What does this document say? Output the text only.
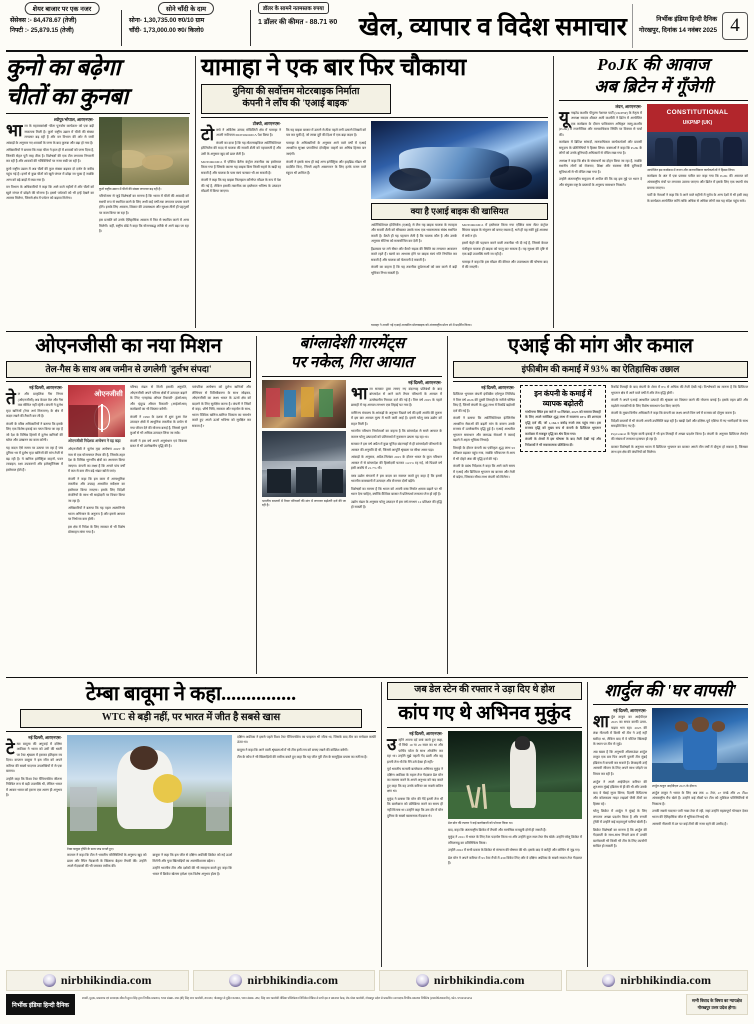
शेयर बाजार पर एक नजर
सेंसेक्स :- 84,478.67 (तेजी)
निफ्टी :- 25,879.15 (तेजी)
सोने चाँदी के दाम
सोना- 1,30,735.00 रु0/10 ग्राम
चाँदी- 1,73,000.00 रु0/ किलो0
डॉलर के सामने नतमस्तक रुपया
1 डॉलर की कीमत - 88.71 रु0 खेल, व्यापार व विदेश समाचार	निर्भीक इंडिया हिन्दी दैनिक
गोरखपुर, दिनांक 14 नवंबर 2025 4
कुनो का बढ़ेगा
चीतों का कुनबा
श्योपुर/भोपाल, आरएनएस-

भारत के महत्वाकांक्षी 'चीता पुनर्वास कार्यक्रम' को एक बड़ी सफलता मिली है। कुनो राष्ट्रीय उद्यान में चीतों की संख्या लगातार बढ़ रही है और वन विभाग की ओर से जारी आंकड़ों के अनुसार नए शावकों के जन्म के बाद कुनबा और बड़ा हो गया है।

अधिकारियों ने बताया कि मादा चीता ने हाल ही में शावकों को जन्म दिया है, जिनकी सेहत पूरी तरह ठीक है। विशेषज्ञों की एक टीम लगातार निगरानी कर रही है और शावकों की गतिविधियों पर नजर रखी जा रही है।

कुनो राष्ट्रीय उद्यान में अब चीतों की कुल संख्या बढ़कर दो दर्जन के करीब पहुंच गई है। इनमें से कुछ चीतों को खुले जंगल में छोड़ा जा चुका है जबकि अन्य को बड़े बाड़ों में रखा गया है।

वन विभाग के अधिकारियों ने कहा कि आने वाले महीनों में और चीतों को खुले जंगल में छोड़ने की योजना है। इससे पर्यटकों को भी इन्हें देखने का अवसर मिलेगा, जिससे क्षेत्र में पर्यटन को बढ़ावा मिलेगा।

कुनो राष्ट्रीय उद्यान में चीतों की संख्या लगातार बढ़ रही है।

परियोजना से जुड़े विशेषज्ञों का मानना है कि भारत में चीतों की आबादी को स्थायी रूप से स्थापित करने के लिए अभी कई वर्षों तक लगातार प्रयास करने होंगे। इसके लिए आवास, शिकार की उपलब्धता और सुरक्षा तीनों ही पहलुओं पर काम किया जा रहा है।

इस प्रजाति को उनके ऐतिहासिक आवास में फिर से स्थापित करने में अगर मिलेगी। वहीं, राष्ट्रीय बोर्ड ने कहा कि योजनाबद्ध तरीके से आगे बढ़ा जा रहा है।

यामाहा ने एक बार फिर चौकाया
दुनिया की सर्वोत्तम मोटरबाइक निर्माता
कंपनी ने लाँच की 'एआई बाइक'
टोक्यो, आरएनएस-

टोक्यो ने अर्विशेष उत्पाद मोबिलिटी क्षेत्र में यामाहा ने अपनी नवीनतम MOTOROiD:Λ पेश किया है।

कंपनी का दावा है कि यह मोटरसाइकिल आर्टिफिशियल इंटेलिजेंस की मदद से चालक की सवारी शैली को पहचानती है और उसी के अनुसार खुद को ढाल लेती है।

MOTOROiD:Λ में एक्टिव बैलेंस कंट्रोल तकनीक का इस्तेमाल किया गया है जिसके कारण यह बाइक बिना किसी सहारे के खड़ी रह सकती है और चालक के पास स्वयं चलकर भी आ सकती है।

कंपनी ने कहा कि यह बाइक फिलहाल कॉन्सेप्ट मॉडल के रूप में पेश की गई है, लेकिन इसकी तकनीक का इस्तेमाल भविष्य के उत्पादन मॉडलों में किया जाएगा।

कि यह बाइक बाजार में उतरने से ठीक पहले लगी उतारने शिखरों को पार कर चुकी है, जो लम्बा दूरी की दिशा में एक बड़ा कदम है।

यामाहा के अधिकारियों के अनुसार आने वाले वर्षों में एआई आधारित सुरक्षा प्रणालियां दोपहिया वाहनों का अभिन्न हिस्सा बन जाएंगी।

कंपनी ने इसके साथ ही कई अन्य इलेक्ट्रिक और हाइब्रिड मॉडल भी प्रदर्शित किए, जिनमें शहरी आवागमन के लिए हल्के वजन वाले स्कूटर भी शामिल हैं।

क्या है एआई बाइक की खासियत

आर्टिफिशियल इंटेलिजेंस (एआई) से लैस यह बाइक चालक के व्यवहार और सवारी शैली को सीखकर उसके साथ एक भावनात्मक संबंध स्थापित करती है। बैठते ही यह पहचान लेती है कि चालक कौन है और उसके अनुसार सेटिंग्स को समायोजित कर देती है।

हैंडलबार पर लगे सेंसर और कैमरे सड़क की स्थिति का लगातार आकलन करते रहते हैं। खतरे का आभास होने पर बाइक स्वयं गति नियंत्रित कर सकती है और चालक को चेतावनी दे सकती है।

कंपनी का कहना है कि यह तकनीक दुर्घटनाओं को कम करने में बड़ी भूमिका निभा सकती है।

MOTOROiD:Λ में इस्तेमाल किया गया एक्टिव मास सेंटर कंट्रोल सिस्टम बाइक के संतुलन को बनाए रखता है, भले ही वह रुकी हुई अवस्था में क्यों न हो।

इसमें चेहरे की पहचान करने वाली तकनीक भी दी गई है, जिससे केवल पंजीकृत चालक ही बाइक को चालू कर सकता है। यह सुरक्षा की दृष्टि से एक बड़ी उपलब्धि मानी जा रही है।

यामाहा ने कहा कि इस मॉडल की कीमत और उपलब्धता की घोषणा बाद में की जाएगी।

यामाहा ने अपनी नई एआई आधारित मोटरबाइक को अंतरराष्ट्रीय मोटर शो में प्रदर्शित किया।
PoJK की आवाज
अब ब्रिटेन में गूँजेगी
लंदन, आरएनएस-

यूनाइटेड कश्मीर पीपुल्स नेशनल पार्टी (UKPNP) के नेतृत्व में अध्यक्ष सरदार शौकत अली कश्मीरी ने ब्रिटेन में आयोजित एक कार्यक्रम के दौरान पाकिस्तान अधिकृत जम्मू-कश्मीर (PoJK) में राजनीतिक और मानवाधिकार स्थिति पर विस्तार से चर्चा की।

कार्यक्रम में ब्रिटिश सांसदों, मानवाधिकार कार्यकर्ताओं और प्रवासी समुदाय के प्रतिनिधियों ने हिस्सा लिया। वक्ताओं ने कहा कि PoJK के लोगों को उनके बुनियादी अधिकारों से वंचित रखा गया है।

अध्यक्ष ने कहा कि क्षेत्र के संसाधनों का दोहन किया जा रहा है, जबकि स्थानीय लोगों को रोजगार, शिक्षा और स्वास्थ्य जैसी बुनियादी सुविधाओं से भी वंचित रखा गया है।

उन्होंने अंतरराष्ट्रीय समुदाय से अपील की कि वह इस मुद्दे पर ध्यान दे और संयुक्त राष्ट्र के प्रस्तावों के अनुरूप समाधान निकाले।

CONSTITUTIONAL
UKPNP (UK)
आयोजित इस कार्यक्रम में राजन और मानवाधिकार कार्यकर्ताओं ने हिस्सा लिया।

कार्यक्रम के अंत में एक प्रस्ताव पारित कर कहा गया कि PoJK की आवाज को अंतरराष्ट्रीय मंचों पर लगातार उठाया जाएगा और ब्रिटेन में इसके लिए एक स्थायी मंच बनाया जाएगा।

पार्टी के नेताओं ने कहा कि वे आने वाले महीनों में यूरोप के अन्य देशों में भी इसी तरह के कार्यक्रम आयोजित करेंगे ताकि अधिक से अधिक लोगों तक यह संदेश पहुंच सके।

ओएनजीसी का नया मिशन
तेल-गैस के साथ अब जमीन से उगलेगी 'दुर्लभ संपदा'
नई दिल्ली, आरएनएस-

तेल और प्राकृतिक गैस निगम (ओएनजीसी) अब केवल तेल और गैस तक सीमित नहीं रहेगी। कंपनी ने दुर्लभ मृदा खनिजों (रेयर अर्थ मिनरल्स) के क्षेत्र में कदम रखने की तैयारी कर ली है।

कंपनी के वरिष्ठ अधिकारियों ने बताया कि इसके लिए एक विशेष इकाई का गठन किया जा रहा है जो देश के विभिन्न हिस्सों में दुर्लभ खनिजों की खोज और उत्खनन का काम करेगी।

यह कदम ऐसे समय पर उठाया जा रहा है जब दुनिया भर में दुर्लभ मृदा खनिजों की मांग तेजी से बढ़ रही है। ये खनिज इलेक्ट्रिक वाहनों, पवन टरबाइन, रक्षा उपकरणों और इलेक्ट्रॉनिक्स में इस्तेमाल होते हैं।

ओएनजीसी

ओएनजीसी निदेशक अन्वेषण ने यह कहा

ओएनजीसी ने 'दुर्लभ मृदा अन्वेषण 2025' के नाम से एक योजनागत तैयार की है, जिसके तहत देश के विभिन्न भूगर्भीय क्षेत्रों का अध्ययन किया जाएगा। कंपनी का लक्ष्य है कि अगले पांच वर्षों में कम से कम तीन बड़े भंडार खोजे जाएं।

कंपनी ने कहा कि इस काम में अत्याधुनिक तकनीक और उपग्रह आधारित सर्वेक्षण का इस्तेमाल किया जाएगा। इसके लिए विदेशी कंपनियों के साथ भी साझेदारी पर विचार किया जा रहा है।

अधिकारियों ने बताया कि यह पहल आत्मनिर्भर भारत अभियान के अनुरूप है और इससे आयात पर निर्भरता कम होगी।

इस क्षेत्र में निवेश के लिए सरकार से भी विशेष प्रोत्साहन मांगा गया है।

परिषद मंडल से मिली इसकी अनुमति, ओएनजीसी अपने परिसर क्षेत्रों में उत्पादन बढ़ाने के लिए 'एनहांस्ड ऑयल रिकवरी' (ईओआर) और 'इंप्रूव्ड ऑयल रिकवरी' (आईओआर) कार्यक्रमों का भी विस्तार करेगी।

कंपनी ने 1990 के दशक में शुरू हुआ तेल उत्पादन क्षेत्रों में आधुनिक तकनीक के प्रयोग से नया जीवन देने की योजना बनाई है, जिससे पुराने कुओं से भी अधिक उत्पादन लिया जा सके।

कंपनी ने इस वर्ष अपने अनुसंधान एवं विकास बजट में भी उल्लेखनीय वृद्धि की है।

पारंपरिक अन्वेषण को दुर्लभ खनिजों और लीथियम से विविधीकरण के साथ जोड़कर, ओएनजीसी का लक्ष्य भारत के ऊर्जा क्षेत्र को बदलने के लिए सुरक्षित करना है। कंपनी ने जिंकों से कहा, 'शीर्ष निधि, सरकार और सहयोग के साथ, भारत वैश्विक खनिज-खनिज विकास का समर्थन करते हुए अपने ऊर्जा भविष्य को सुरक्षित कर सकता है।'

बांग्लादेशी गारमेंट्स
पर नकेल, गिरा आयात
भारतीय बाजारों में तैयार परिधानों की मांग में लगातार बढ़ोतरी दर्ज की जा रही है।
नई दिल्ली, आरएनएस-

भारत सरकार द्वारा लगाए गए बंदरगाह प्रतिबंधों के बाद बांग्लादेश से आने वाले तैयार परिधानों के आयात में उल्लेखनीय गिरावट दर्ज की गई है। वित्त वर्ष 2025 के पहले छमाही में यह आयात लगभग एक तिहाई घट गया है।

वाणिज्य मंत्रालय के आंकड़ों के अनुसार पिछले वर्ष की इसी अवधि की तुलना में इस बार आयात मूल्य में भारी कमी आई है। इससे घरेलू वस्त्र उद्योग को राहत मिली है।

भारतीय परिधान निर्माताओं का कहना है कि बांग्लादेश से सस्ते आयात के कारण घरेलू उत्पादकों को प्रतिस्पर्धा में नुकसान उठाना पड़ रहा था।

सरकार ने इस वर्ष अप्रैल में कुछ चुनिंदा बंदरगाहों से ही बांग्लादेशी परिधानों के आयात की अनुमति दी थी, जिससे आपूर्ति श्रृंखला पर सीधा असर पड़ा।

आंकड़ों के अनुसार, अप्रैल-सितंबर 2025 के दौरान भारत के कुल परिधान आयात में से बांग्लादेश की हिस्सेदारी घटकर 14.5% रह गई, जो पिछले वर्ष इसी अवधि में 21.7% थी।

वस्त्र उद्योग संगठनों ने इस कदम का स्वागत करते हुए कहा है कि इससे भारतीय कारखानों में उत्पादन और रोजगार दोनों बढ़ेंगे।

विशेषज्ञों का मानना है कि भारत को अपनी वस्त्र निर्यात क्षमता बढ़ाने पर भी ध्यान देना चाहिए, क्योंकि वैश्विक बाजार में प्रतिस्पर्धा लगातार तेज हो रही है।

उद्योग मंडल के अनुसार घरेलू उत्पादन में इस वर्ष लगभग 12 प्रतिशत की वृद्धि हो सकती है।

एआई की मांग और कमाल
इंफीबीम की कमाई में 93% का ऐतिहासिक उछाल
नई दिल्ली, आरएनएस-

डिजिटल भुगतान कंपनी इंफीबीम एवेन्यूज लिमिटेड ने वित्त वर्ष 2026 की दूसरी तिमाही के नतीजे घोषित किए हैं, जिनमें कंपनी के शुद्ध लाभ में रिकॉर्ड बढ़ोतरी दर्ज की गई है।

कंपनी ने बताया कि आर्टिफिशियल इंटेलिजेंस आधारित सेवाओं की बढ़ती मांग के कारण उसके राजस्व में उल्लेखनीय वृद्धि हुई है। एआई आधारित भुगतान समाधान और क्लाउड सेवाओं ने कमाई बढ़ाने में अहम भूमिका निभाई।

तिमाही के दौरान कंपनी का एकीकृत शुद्ध लाभ 93 प्रतिशत बढ़कर पहुंच गया, जबकि परिचालन से आय में भी दोहरे अंक की वृद्धि दर्ज की गई।

कंपनी के प्रबंध निदेशक ने कहा कि आने वाले समय में एआई और डिजिटल भुगतान का बाजार और तेजी से बढ़ेगा, जिसका सीधा लाभ कंपनी को मिलेगा।

इन कंपनी के कमाई में
व्यापक बढ़ोतरी

गांधीनगर स्थित इस फर्म ने 30 सितंबर, 2025 को समाप्त तिमाही के लिए अपने समेकित शुद्ध लाभ में सालाना 93% की शानदार वृद्धि दर्ज की, जो 1,164.3 करोड़ रुपये तक पहुंच गया। इस राजस्व वृद्धि को मुख्य रूप से कंपनी के डिजिटल भुगतान कारोबार में मजबूत वृद्धि का श्रेय दिया गया।

कंपनी के शेयरों में इस घोषणा के बाद तेजी देखी गई और निवेशकों ने भी सकारात्मक प्रतिक्रिया दी।

रिकॉर्ड तिमाही के बाद कंपनी के शेयर में 8% से अधिक की तेजी देखी गई। विश्लेषकों का मानना है कि डिजिटल भुगतान क्षेत्र में आने वाले वर्षों में और तेज वृद्धि होगी।

कंपनी ने अपने एआई आधारित उत्पादों की श्रृंखला का विस्तार करने की योजना बनाई है। इसके तहत छोटे और मझोले व्यापारियों के लिए विशेष समाधान पेश किए जाएंगे।

कंपनी के मुख्य वित्तीय अधिकारी ने कहा कि कंपनी का लक्ष्य अगले वित्त वर्ष में राजस्व को दोगुना करना है।

विदेशी बाजारों में भी कंपनी अपनी उपस्थिति बढ़ा रही है। खाड़ी देशों और दक्षिण-पूर्व एशिया में नए भागीदारों के साथ समझौते किए गए हैं।

PayCentral के नेतृत्व वाली इकाई ने भी इस तिमाही में अच्छा प्रदर्शन किया है। कंपनी के अनुसार डिजिटल लेनदेन की संख्या में लगातार इजाफा हो रहा है।

बाजार विशेषज्ञों के अनुसार भारत में डिजिटल भुगतान का बाजार अगले तीन वर्षों में दोगुना हो सकता है, जिसका लाभ इस क्षेत्र की कंपनियों को मिलेगा।

टेम्बा बावूमा ने कहा...............
WTC से बड़ी नहीं, पर भारत में जीत है सबसे खास
नई दिल्ली, आरएनएस-

टेम्बा बावूमा की अगुवाई में दक्षिण अफ्रीका ने भारत को उसी की धरती पर टेस्ट श्रृंखला में हराकर इतिहास रच दिया। कप्तान बावूमा ने इस जीत को अपने करियर की सबसे यादगार उपलब्धियों में से एक बताया।

उन्होंने कहा कि विश्व टेस्ट चैंपियनशिप जीतना निश्चित रूप से बड़ी उपलब्धि थी, लेकिन भारत में आकर भारत को हराना एक अलग ही अनुभव है।

टेम्बा बावूमा ट्रॉफी के साथ जश्न मनाते हुए।

कप्तान ने कहा कि टीम ने भारतीय परिस्थितियों के अनुरूप खुद को ढाला और स्पिन गेंदबाजी के खिलाफ बेहतर तैयारी की। उन्होंने अपने गेंदबाजों की भी जमकर तारीफ की।

बावूमा ने कहा कि इस जीत से दक्षिण अफ्रीकी क्रिकेट को नई ऊर्जा मिलेगी और युवा खिलाड़ियों का आत्मविश्वास बढ़ेगा।

उन्होंने भारतीय टीम और दर्शकों की भी सराहना करते हुए कहा कि भारत में क्रिकेट खेलना हमेशा एक विशेष अनुभव होता है।

दक्षिण अफ्रीका ने इससे पहले विश्व टेस्ट चैंपियनशिप का फाइनल भी जीता था, जिसके बाद टीम का मनोबल काफी ऊंचा था।

बावूमा ने कहा कि आने वाली श्रृंखलाओं में भी टीम इसी लय को बनाए रखने की कोशिश करेगी।

टीम के कोच ने भी खिलाड़ियों की तारीफ करते हुए कहा कि यह जीत पूरी टीम के सामूहिक प्रयास का नतीजा है।

जब डेल स्टेन की रफ्तार ने उड़ा दिए थे होश
कांप गए थे अभिनव मुकुंद
नई दिल्ली, आरएनएस-

उन्होंने अपना दर्द बयां करते हुए कहा, 'मैं सिर्फ 19 या 20 साल का था और पार्थिव पटेल के साथ ओपनिंग कर रहा था। उन्होंने मुझे पहली गेंद डाली और वह इतनी तेज थी कि मैंने उसे देखा ही नहीं।'

पूर्व भारतीय सलामी बल्लेबाज अभिनव मुकुंद ने दक्षिण अफ्रीका के महान तेज गेंदबाज डेल स्टेन का सामना करने के अपने अनुभव को याद करते हुए कहा कि वह उनके करियर का सबसे कठिन क्षण था।

मुकुंद ने बताया कि स्टेन की गेंदें इतनी तेज थीं कि बल्लेबाज को प्रतिक्रिया करने का समय ही नहीं मिलता था। उन्होंने कहा कि उस दौर में स्टेन दुनिया के सबसे खतरनाक गेंदबाज थे।

डेल स्टेन की रफ्तार ने कई बल्लेबाजों को परेशान किया था।

बाद, कहा कि अंतरराष्ट्रीय क्रिकेट में तैयारी और मानसिक मजबूती दोनों ही जरूरी हैं।

मुकुंद ने 2011 में भारत के लिए टेस्ट पदार्पण किया था और उन्होंने कुल सात टेस्ट मैच खेले। उन्होंने घरेलू क्रिकेट में तमिलनाडु का प्रतिनिधित्व किया।

उन्होंने 2022 में सभी प्रकार के क्रिकेट से संन्यास की घोषणा की थी। इसके बाद वे कमेंट्री और कोचिंग से जुड़ गए।

डेल स्टेन ने अपने करियर में 93 टेस्ट मैचों में 439 विकेट लिए और वे दक्षिण अफ्रीका के सबसे सफल तेज गेंदबाज हैं।

शार्दुल की 'घर वापसी'
नई दिल्ली, आरएनएस-

शार्दुल ठाकुर का आईपीएल 2025 का सफर काफी उतार-चढ़ाव भरा रहा। 2025 की लंबा नीलामी में किसी भी टीम ने उन्हें नहीं खरीदा था, लेकिन बाद में वे चोटिल खिलाड़ी के स्थान पर टीम से जुड़े।

अब खबर है कि अनुभवी ऑलराउंडर शार्दुल ठाकुर एक बार फिर अपनी पुरानी टीम मुंबई इंडियंस में वापसी कर सकते हैं। फ्रेंचाइजी उन्हें आगामी सीजन के लिए अपने साथ जोड़ने पर विचार कर रही है।

शार्दुल ने अपने आईपीएल करियर की शुरुआत मुंबई इंडियंस से ही की थी और उसके बाद वे चेन्नई सुपर किंग्स, दिल्ली कैपिटल्स और कोलकाता नाइट राइडर्स जैसी टीमों का हिस्सा रहे।

घरेलू क्रिकेट में शार्दुल ने मुंबई के लिए लगातार अच्छा प्रदर्शन किया है और रणजी ट्रॉफी में उन्होंने कई महत्वपूर्ण पारियां खेली हैं।

क्रिकेट विशेषज्ञों का मानना है कि शार्दुल की गेंदबाजी के साथ-साथ निचले क्रम में उनकी बल्लेबाजी भी किसी भी टीम के लिए उपयोगी साबित हो सकती है।

शार्दुल ठाकुर आईपीएल 2025 के दौरान।

शार्दुल ठाकुर ने भारत के लिए अब तक 11 टेस्ट, 47 वनडे और 25 टी20 अंतरराष्ट्रीय मैच खेले हैं। उन्होंने कई मौकों पर टीम को मुश्किल परिस्थितियों से निकाला है।

उनकी सबसे यादगार पारी गाबा टेस्ट में रही, जहां उन्होंने महत्वपूर्ण योगदान देकर भारत की ऐतिहासिक जीत में भूमिका निभाई थी।

आगामी नीलामी में उन पर कई टीमों की नजर रहने की उम्मीद है।

nirbhikindia.com	nirbhikindia.com	nirbhikindia.com	nirbhikindia.com
निर्भीक इंडिया हिन्दी दैनिक
स्वामी, मुद्रक, प्रकाशक एवं सम्पादक श्रीमती सुमन सिंह द्वारा निर्भीक प्रकाशन, भवन संख्या- 282 (बी) सिंह नगर कालोनी, रामनगर, गोरखपुर से मुद्रित कराकर, भवन संख्या- 282, सिंह नगर कालोनी मीडिया पब्लिकेशन लिमिटेड मीडिया से सभी इस व प्रकाशन केन्द्र, लेट-पोस्ट कालोनी, गोरखपुर प्रदेश से प्रकाशित। सम्पादक निर्भीक प्रकाशन लिमिटेड (ज्ञानप्रोफेशनसमीर), फोन- 9554545454	सभी विवाद के विषय का न्यायक्षेत्र
गोरखपुर उत्तर प्रदेश होगा।
